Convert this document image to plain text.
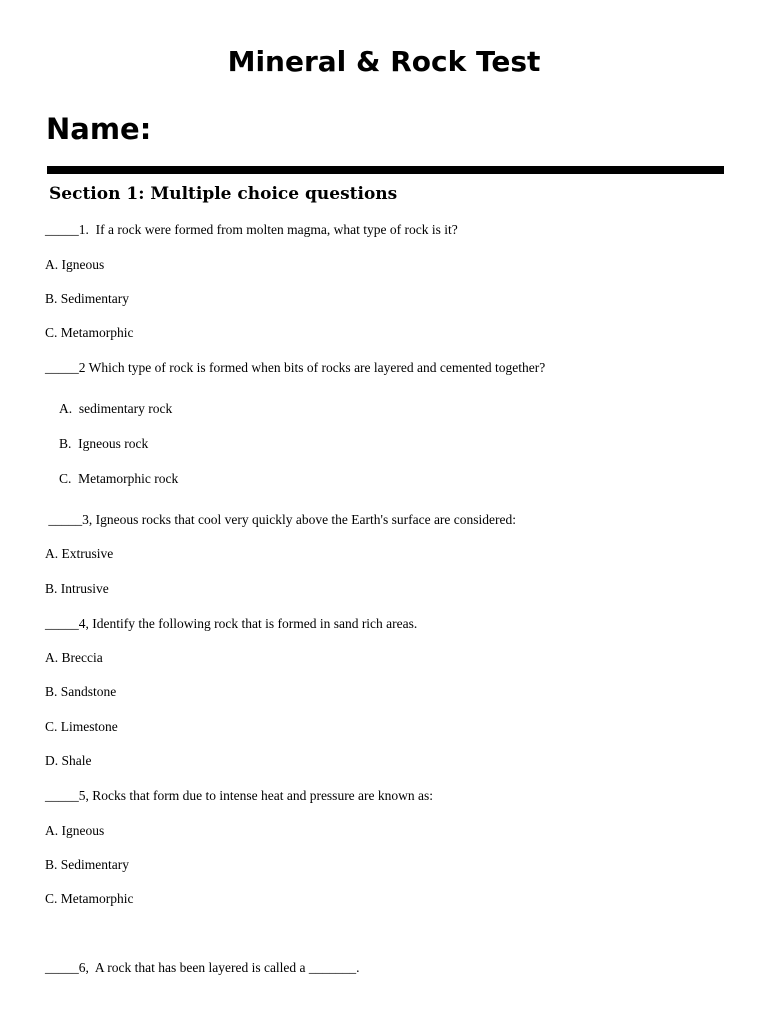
Mineral & Rock Test
Name:
Section 1: Multiple choice questions
_____1.  If a rock were formed from molten magma, what type of rock is it?
A. Igneous
B. Sedimentary
C. Metamorphic
_____2 Which type of rock is formed when bits of rocks are layered and cemented together?
A.  sedimentary rock
B.  Igneous rock
C.  Metamorphic rock
_____3, Igneous rocks that cool very quickly above the Earth's surface are considered:
A. Extrusive
B. Intrusive
_____4, Identify the following rock that is formed in sand rich areas.
A. Breccia
B. Sandstone
C. Limestone
D. Shale
_____5, Rocks that form due to intense heat and pressure are known as:
A. Igneous
B. Sedimentary
C. Metamorphic
_____6,  A rock that has been layered is called a _______.
